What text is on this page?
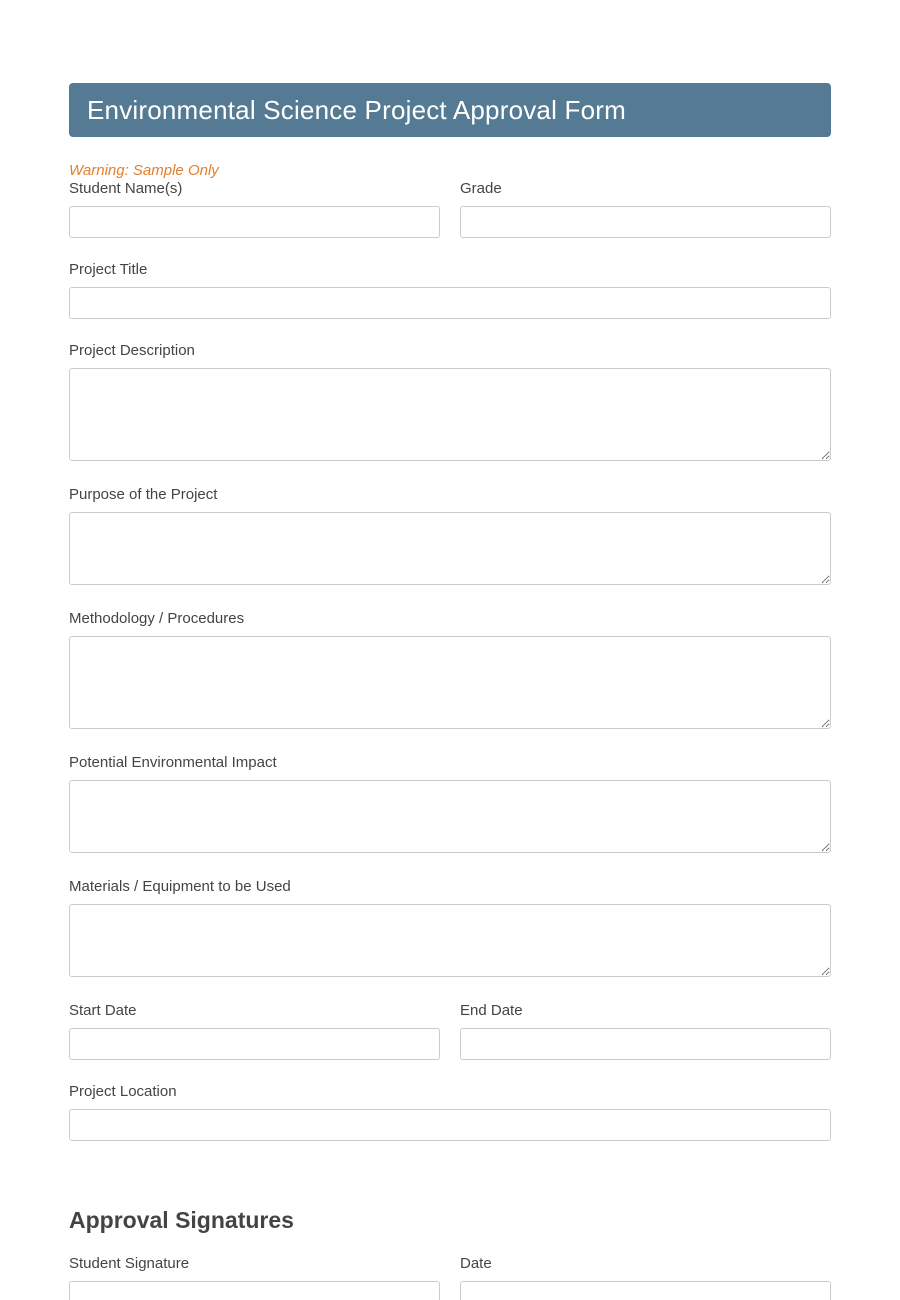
Environmental Science Project Approval Form
Warning: Sample Only
Student Name(s)	Grade
Project Title
Project Description
Purpose of the Project
Methodology / Procedures
Potential Environmental Impact
Materials / Equipment to be Used
Start Date	End Date
Project Location
Approval Signatures
Student Signature	Date
